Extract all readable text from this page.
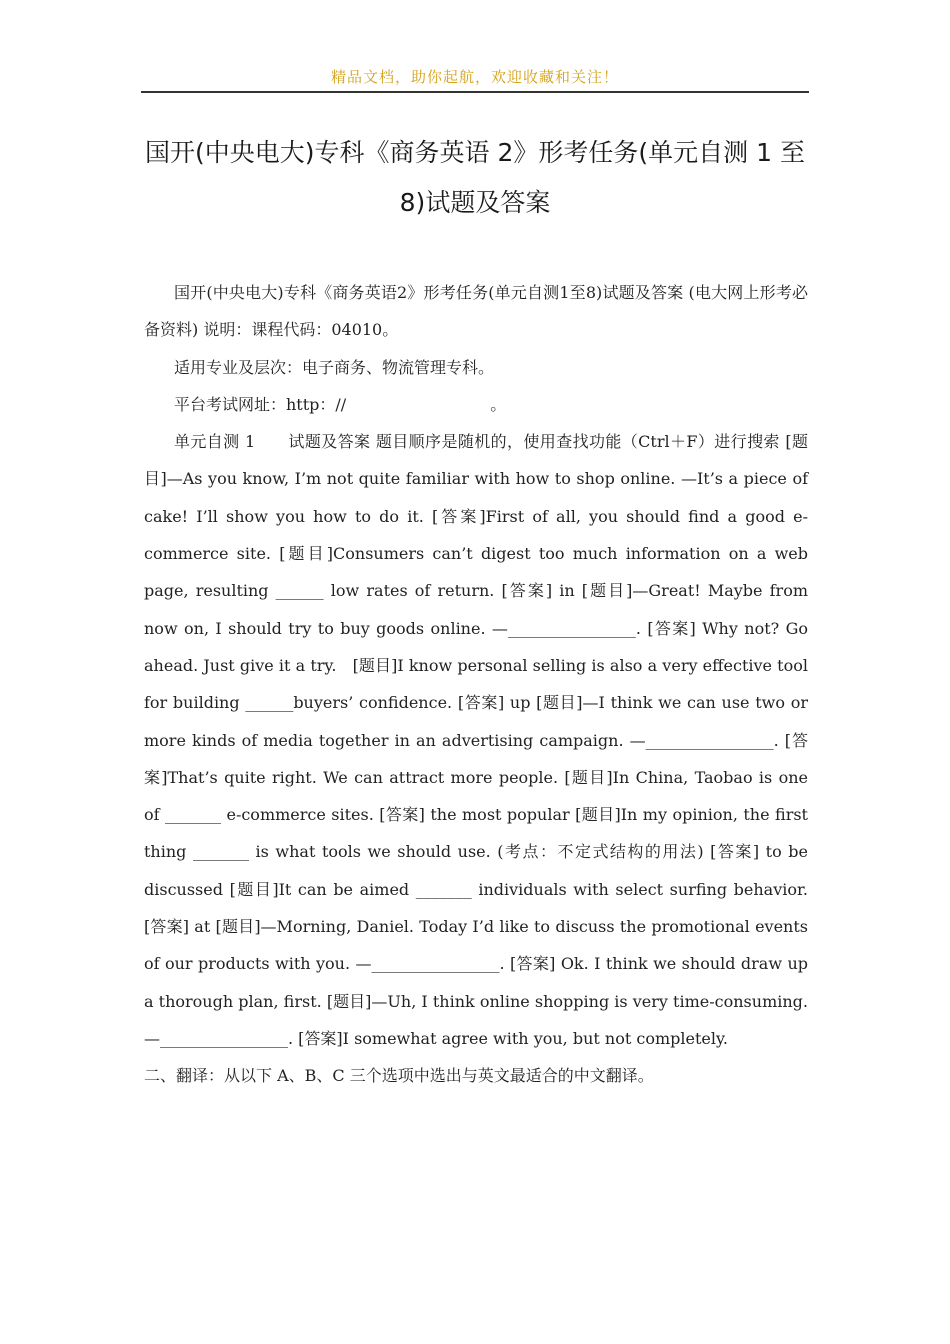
精品文档，助你起航，欢迎收藏和关注！
国开(中央电大)专科《商务英语 2》形考任务(单元自测 1 至
8)试题及答案

国开(中央电大)专科《商务英语2》形考任务(单元自测1至8)试题及答案 (电大网上形考必备资料) 说明：课程代码：04010。

适用专业及层次：电子商务、物流管理专科。

平台考试网址：http：//　　　　　　　　　。

单元自测 1　　试题及答案 题目顺序是随机的，使用查找功能（Ctrl＋F）进行搜索 [题目]—As you know, I’m not quite familiar with how to shop online. —It’s a piece of cake! I’ll show you how to do it. [答案]First of all, you should find a good e-commerce site. [题目]Consumers can’t digest too much information on a web page, resulting ______ low rates of return. [答案] in [题目]—Great! Maybe from now on, I should try to buy goods online. —________________. [答案] Why not? Go ahead. Just give it a try.　[题目]I know personal selling is also a very effective tool for building ______buyers’ confidence. [答案] up [题目]—I think we can use two or more kinds of media together in an advertising campaign. —________________. [答案]That’s quite right. We can attract more people. [题目]In China, Taobao is one of _______ e-commerce sites. [答案] the most popular [题目]In my opinion, the first thing _______ is what tools we should use. (考点：不定式结构的用法) [答案] to be discussed [题目]It can be aimed _______ individuals with select surfing behavior. [答案] at [题目]—Morning, Daniel. Today I’d like to discuss the promotional events of our products with you. —________________. [答案] Ok. I think we should draw up a thorough plan, first. [题目]—Uh, I think online shopping is very time-consuming. —________________. [答案]I somewhat agree with you, but not completely.

二、翻译：从以下 A、B、C 三个选项中选出与英文最适合的中文翻译。
